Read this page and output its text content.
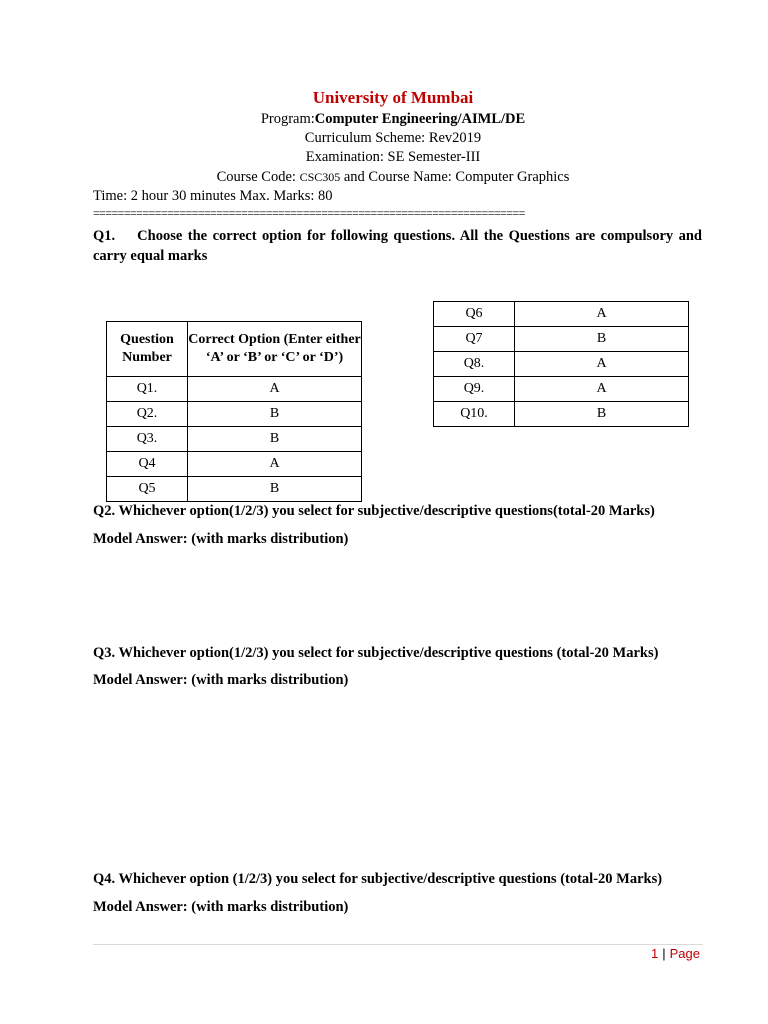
University of Mumbai
Program:Computer Engineering/AIML/DE
Curriculum Scheme: Rev2019
Examination: SE Semester-III
Course Code: CSC305 and Course Name: Computer Graphics
Time: 2 hour 30 minutes Max. Marks: 80
======================================================================
Q1. Choose the correct option for following questions. All the Questions are compulsory and carry equal marks
Question Number	Correct Option (Enter either ‘A’ or ‘B’ or ‘C’ or ‘D’)
Q1.	A
Q2.	B
Q3.	B
Q4	A
Q5	B
Q6	A
Q7	B
Q8.	A
Q9.	A
Q10.	B
Q2. Whichever option(1/2/3) you select for subjective/descriptive questions(total-20 Marks)
Model Answer: (with marks distribution)
Q3. Whichever option(1/2/3) you select for subjective/descriptive questions (total-20 Marks)
Model Answer: (with marks distribution)
Q4. Whichever option (1/2/3) you select for subjective/descriptive questions (total-20 Marks)
Model Answer: (with marks distribution)
1 | Page
